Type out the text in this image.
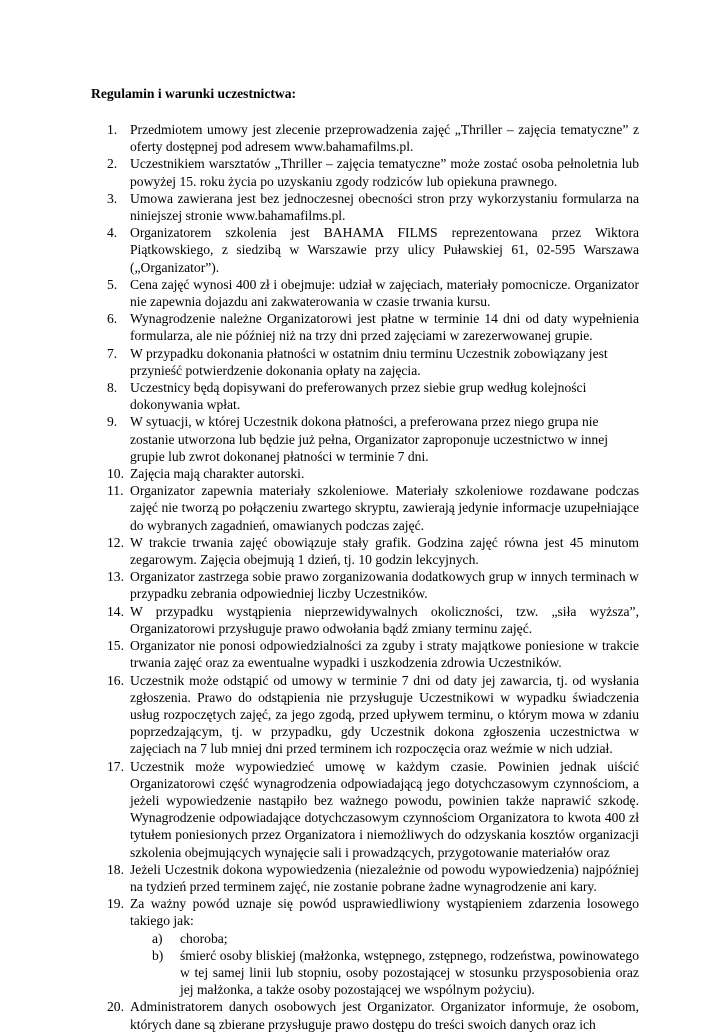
Regulamin i warunki uczestnictwa:

1. Przedmiotem umowy jest zlecenie przeprowadzenia zajęć „Thriller – zajęcia tematyczne” z oferty dostępnej pod adresem www.bahamafilms.pl.
2. Uczestnikiem warsztatów „Thriller – zajęcia tematyczne” może zostać osoba pełnoletnia lub powyżej 15. roku życia po uzyskaniu zgody rodziców lub opiekuna prawnego.
3. Umowa zawierana jest bez jednoczesnej obecności stron przy wykorzystaniu formularza na niniejszej stronie www.bahamafilms.pl.
4. Organizatorem szkolenia jest BAHAMA FILMS reprezentowana przez Wiktora Piątkowskiego, z siedzibą w Warszawie przy ulicy Puławskiej 61, 02-595 Warszawa („Organizator”).
5. Cena zajęć wynosi 400 zł i obejmuje: udział w zajęciach, materiały pomocnicze. Organizator nie zapewnia dojazdu ani zakwaterowania w czasie trwania kursu.
6. Wynagrodzenie należne Organizatorowi jest płatne w terminie 14 dni od daty wypełnienia formularza, ale nie później niż na trzy dni przed zajęciami w zarezerwowanej grupie.
7. W przypadku dokonania płatności w ostatnim dniu terminu Uczestnik zobowiązany jest przynieść potwierdzenie dokonania opłaty na zajęcia.
8. Uczestnicy będą dopisywani do preferowanych przez siebie grup według kolejności dokonywania wpłat.
9. W sytuacji, w której Uczestnik dokona płatności, a preferowana przez niego grupa nie zostanie utworzona lub będzie już pełna, Organizator zaproponuje uczestnictwo w innej grupie lub zwrot dokonanej płatności w terminie 7 dni.
10. Zajęcia mają charakter autorski.
11. Organizator zapewnia materiały szkoleniowe. Materiały szkoleniowe rozdawane podczas zajęć nie tworzą po połączeniu zwartego skryptu, zawierają jedynie informacje uzupełniające do wybranych zagadnień, omawianych podczas zajęć.
12. W trakcie trwania zajęć obowiązuje stały grafik. Godzina zajęć równa jest 45 minutom zegarowym. Zajęcia obejmują 1 dzień, tj. 10 godzin lekcyjnych.
13. Organizator zastrzega sobie prawo zorganizowania dodatkowych grup w innych terminach w przypadku zebrania odpowiedniej liczby Uczestników.
14. W przypadku wystąpienia nieprzewidywalnych okoliczności, tzw. „siła wyższa”, Organizatorowi przysługuje prawo odwołania bądź zmiany terminu zajęć.
15. Organizator nie ponosi odpowiedzialności za zguby i straty majątkowe poniesione w trakcie trwania zajęć oraz za ewentualne wypadki i uszkodzenia zdrowia Uczestników.
16. Uczestnik może odstąpić od umowy w terminie 7 dni od daty jej zawarcia, tj. od wysłania zgłoszenia. Prawo do odstąpienia nie przysługuje Uczestnikowi w wypadku świadczenia usług rozpoczętych zajęć, za jego zgodą, przed upływem terminu, o którym mowa w zdaniu poprzedzającym, tj. w przypadku, gdy Uczestnik dokona zgłoszenia uczestnictwa w zajęciach na 7 lub mniej dni przed terminem ich rozpoczęcia oraz weźmie w nich udział.
17. Uczestnik może wypowiedzieć umowę w każdym czasie. Powinien jednak uiścić Organizatorowi część wynagrodzenia odpowiadającą jego dotychczasowym czynnościom, a jeżeli wypowiedzenie nastąpiło bez ważnego powodu, powinien także naprawić szkodę. Wynagrodzenie odpowiadające dotychczasowym czynnościom Organizatora to kwota 400 zł tytułem poniesionych przez Organizatora i niemożliwych do odzyskania kosztów organizacji szkolenia obejmujących wynajęcie sali i prowadzących, przygotowanie materiałów oraz
18. Jeżeli Uczestnik dokona wypowiedzenia (niezależnie od powodu wypowiedzenia) najpóźniej na tydzień przed terminem zajęć, nie zostanie pobrane żadne wynagrodzenie ani kary.
19. Za ważny powód uznaje się powód usprawiedliwiony wystąpieniem zdarzenia losowego takiego jak:
a) choroba;
b) śmierć osoby bliskiej (małżonka, wstępnego, zstępnego, rodzeństwa, powinowatego w tej samej linii lub stopniu, osoby pozostającej w stosunku przysposobienia oraz jej małżonka, a także osoby pozostającej we wspólnym pożyciu).
20. Administratorem danych osobowych jest Organizator. Organizator informuje, że osobom, których dane są zbierane przysługuje prawo dostępu do treści swoich danych oraz ich
